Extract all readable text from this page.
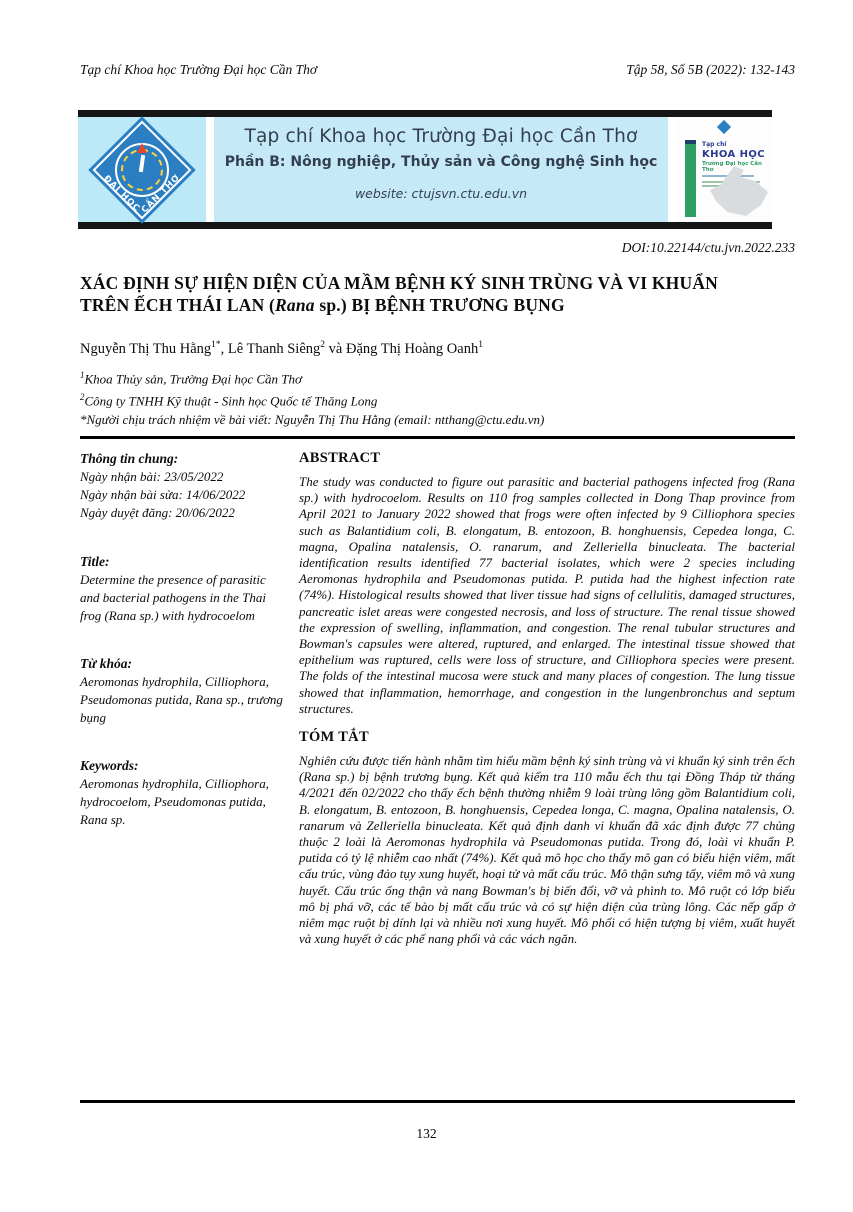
Tạp chí Khoa học Trường Đại học Cần Thơ	Tập 58, Số 5B (2022): 132-143
ĐẠI HỌC
CẦN THƠ
Tạp chí Khoa học Trường Đại học Cần Thơ
Phần B: Nông nghiệp, Thủy sản và Công nghệ Sinh học
website: ctujsvn.ctu.edu.vn
Tạp chí
KHOA HỌC
Trường Đại học Cần Thơ
DOI:10.22144/ctu.jvn.2022.233
XÁC ĐỊNH SỰ HIỆN DIỆN CỦA MẦM BỆNH KÝ SINH TRÙNG VÀ VI KHUẨN
TRÊN ẾCH THÁI LAN (Rana sp.) BỊ BỆNH TRƯƠNG BỤNG
Nguyễn Thị Thu Hằng$^{1*}$, Lê Thanh Siêng$^2$ và Đặng Thị Hoàng Oanh$^1$
$^1$Khoa Thủy sản, Trường Đại học Cần Thơ
$^2$Công ty TNHH Kỹ thuật - Sinh học Quốc tế Thăng Long
*Người chịu trách nhiệm về bài viết: Nguyễn Thị Thu Hằng (email: ntthang@ctu.edu.vn)
Thông tin chung:
Ngày nhận bài: 23/05/2022
Ngày nhận bài sửa: 14/06/2022
Ngày duyệt đăng: 20/06/2022
Title:
Determine the presence of parasitic and bacterial pathogens in the Thai frog (Rana sp.) with hydrocoelom
Từ khóa:
Aeromonas hydrophila, Cilliophora, Pseudomonas putida, Rana sp., trương bụng
Keywords:
Aeromonas hydrophila, Cilliophora, hydrocoelom, Pseudomonas putida, Rana sp.
ABSTRACT

The study was conducted to figure out parasitic and bacterial pathogens infected frog (Rana sp.) with hydrocoelom. Results on 110 frog samples collected in Dong Thap province from April 2021 to January 2022 showed that frogs were often infected by 9 Cilliophora species such as Balantidium coli, B. elongatum, B. entozoon, B. honghuensis, Cepedea longa, C. magna, Opalina natalensis, O. ranarum, and Zelleriella binucleata. The bacterial identification results identified 77 bacterial isolates, which were 2 species including Aeromonas hydrophila and Pseudomonas putida. P. putida had the highest infection rate (74%). Histological results showed that liver tissue had signs of cellulitis, damaged structures, pancreatic islet areas were congested necrosis, and loss of structure. The renal tissue showed the expression of swelling, inflammation, and congestion. The renal tubular structures and Bowman's capsules were altered, ruptured, and enlarged. The intestinal tissue showed that epithelium was ruptured, cells were loss of structure, and Cilliophora species were present. The folds of the intestinal mucosa were stuck and many places of congestion. The lung tissue showed that inflammation, hemorrhage, and congestion in the lungenbronchus and septum structures.

TÓM TẮT

Nghiên cứu được tiến hành nhằm tìm hiểu mầm bệnh ký sinh trùng và vi khuẩn ký sinh trên ếch (Rana sp.) bị bệnh trương bụng. Kết quả kiểm tra 110 mẫu ếch thu tại Đồng Tháp từ tháng 4/2021 đến 02/2022 cho thấy ếch bệnh thường nhiễm 9 loài trùng lông gồm Balantidium coli, B. elongatum, B. entozoon, B. honghuensis, Cepedea longa, C. magna, Opalina natalensis, O. ranarum và Zelleriella binucleata. Kết quả định danh vi khuẩn đã xác định được 77 chủng thuộc 2 loài là Aeromonas hydrophila và Pseudomonas putida. Trong đó, loài vi khuẩn P. putida có tỷ lệ nhiễm cao nhất (74%). Kết quả mô học cho thấy mô gan có biểu hiện viêm, mất cấu trúc, vùng đảo tụy xung huyết, hoại tử và mất cấu trúc. Mô thận sưng tấy, viêm mô và xung huyết. Cấu trúc ống thận và nang Bowman's bị biến đổi, vỡ và phình to. Mô ruột có lớp biểu mô bị phá vỡ, các tế bào bị mất cấu trúc và có sự hiện diện của trùng lông. Các nếp gấp ở niêm mạc ruột bị dính lại và nhiều nơi xung huyết. Mô phổi có hiện tượng bị viêm, xuất huyết và xung huyết ở các phế nang phổi và các vách ngăn.

132
